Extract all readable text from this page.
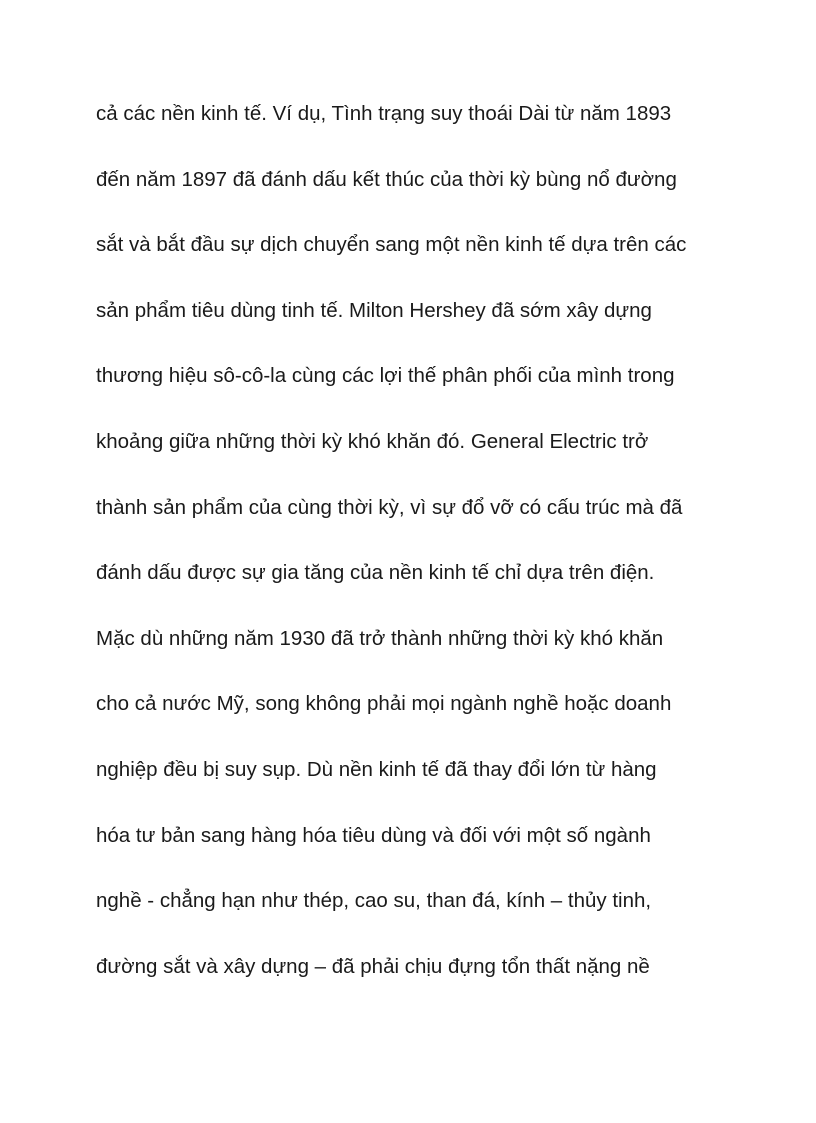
cả các nền kinh tế. Ví dụ, Tình trạng suy thoái Dài từ năm 1893
đến năm 1897 đã đánh dấu kết thúc của thời kỳ bùng nổ đường
sắt và bắt đầu sự dịch chuyển sang một nền kinh tế dựa trên các
sản phẩm tiêu dùng tinh tế. Milton Hershey đã sớm xây dựng
thương hiệu sô-cô-la cùng các lợi thế phân phối của mình trong
khoảng giữa những thời kỳ khó khăn đó. General Electric trở
thành sản phẩm của cùng thời kỳ, vì sự đổ vỡ có cấu trúc mà đã
đánh dấu được sự gia tăng của nền kinh tế chỉ dựa trên điện.
Mặc dù những năm 1930 đã trở thành những thời kỳ khó khăn
cho cả nước Mỹ, song không phải mọi ngành nghề hoặc doanh
nghiệp đều bị suy sụp. Dù nền kinh tế đã thay đổi lớn từ hàng
hóa tư bản sang hàng hóa tiêu dùng và đối với một số ngành
nghề - chẳng hạn như thép, cao su, than đá, kính – thủy tinh,
đường sắt và xây dựng – đã phải chịu đựng tổn thất nặng nề
